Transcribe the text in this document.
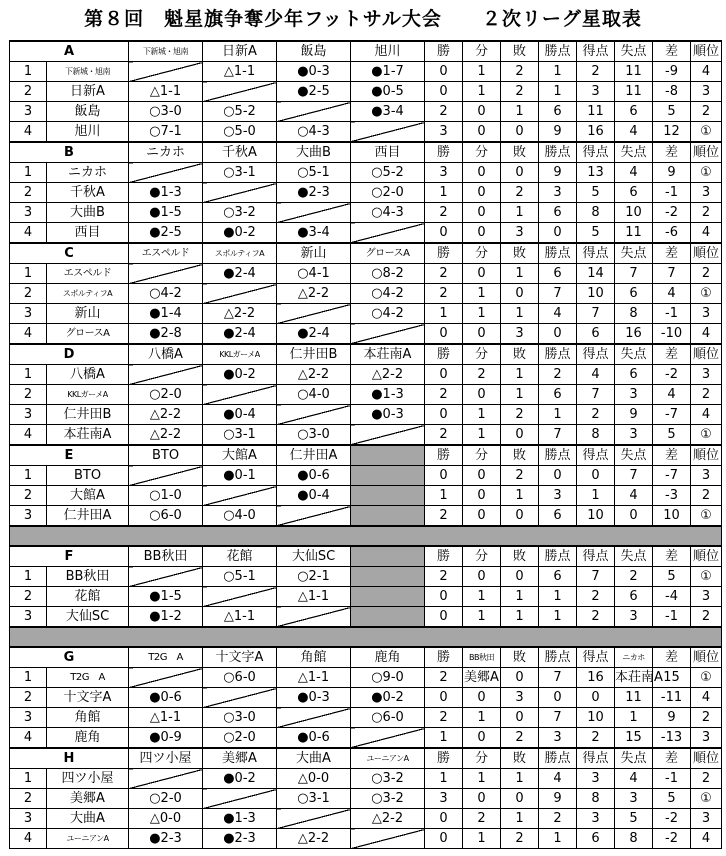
第８回　魁星旗争奪少年フットサル大会　　２次リーグ星取表
A		下新城・旭南	日新A	飯島	旭川	勝	分	敗	勝点	得点	失点	差	順位
1	下新城・旭南		△1-1	●0-3	●1-7	0	1	2	1	2	11	-9	4
2	日新A	△1-1		●2-5	●0-5	0	1	2	1	3	11	-8	3
3	飯島	○3-0	○5-2		●3-4	2	0	1	6	11	6	5	2
4	旭川	○7-1	○5-0	○4-3		3	0	0	9	16	4	12	①
B		ニカホ	千秋A	大曲B	西目	勝	分	敗	勝点	得点	失点	差	順位
1	ニカホ		○3-1	○5-1	○5-2	3	0	0	9	13	4	9	①
2	千秋A	●1-3		●2-3	○2-0	1	0	2	3	5	6	-1	3
3	大曲B	●1-5	○3-2		○4-3	2	0	1	6	8	10	-2	2
4	西目	●2-5	●0-2	●3-4		0	0	3	0	5	11	-6	4
C		エスペルド	スポルティフA	新山	グロースA	勝	分	敗	勝点	得点	失点	差	順位
1	エスペルド		●2-4	○4-1	○8-2	2	0	1	6	14	7	7	2
2	スポルティフA	○4-2		△2-2	○4-2	2	1	0	7	10	6	4	①
3	新山	●1-4	△2-2		○4-2	1	1	1	4	7	8	-1	3
4	グロースA	●2-8	●2-4	●2-4		0	0	3	0	6	16	-10	4
D		八橋A	KKLガーメA	仁井田B	本荘南A	勝	分	敗	勝点	得点	失点	差	順位
1	八橋A		●0-2	△2-2	△2-2	0	2	1	2	4	6	-2	3
2	KKLガーメA	○2-0		○4-0	●1-3	2	0	1	6	7	3	4	2
3	仁井田B	△2-2	●0-4		●0-3	0	1	2	1	2	9	-7	4
4	本荘南A	△2-2	○3-1	○3-0		2	1	0	7	8	3	5	①
E		BTO	大館A	仁井田A		勝	分	敗	勝点	得点	失点	差	順位
1	BTO		●0-1	●0-6		0	0	2	0	0	7	-7	3
2	大館A	○1-0		●0-4		1	0	1	3	1	4	-3	2
3	仁井田A	○6-0	○4-0			2	0	0	6	10	0	10	①

F		BB秋田	花館	大仙SC		勝	分	敗	勝点	得点	失点	差	順位
1	BB秋田		○5-1	○2-1		2	0	0	6	7	2	5	①
2	花館	●1-5		△1-1		0	1	1	1	2	6	-4	3
3	大仙SC	●1-2	△1-1			0	1	1	1	2	3	-1	2

G		T2G　A	十文字A	角館	鹿角	勝	BB秋田	敗	勝点	得点	ニカホ	差	順位
1	T2G　A		○6-0	△1-1	○9-0	2	美郷A	0	7	16	本荘南A	15	①
2	十文字A	●0-6		●0-3	●0-2	0	0	3	0	0	11	-11	4
3	角館	△1-1	○3-0		○6-0	2	1	0	7	10	1	9	2
4	鹿角	●0-9	○2-0	●0-6		1	0	2	3	2	15	-13	3
H		四ツ小屋	美郷A	大曲A	ユーニアンA	勝	分	敗	勝点	得点	失点	差	順位
1	四ツ小屋		●0-2	△0-0	○3-2	1	1	1	4	3	4	-1	2
2	美郷A	○2-0		○3-1	○3-2	3	0	0	9	8	3	5	①
3	大曲A	△0-0	●1-3		△2-2	0	2	1	2	3	5	-2	3
4	ユーニアンA	●2-3	●2-3	△2-2		0	1	2	1	6	8	-2	4
